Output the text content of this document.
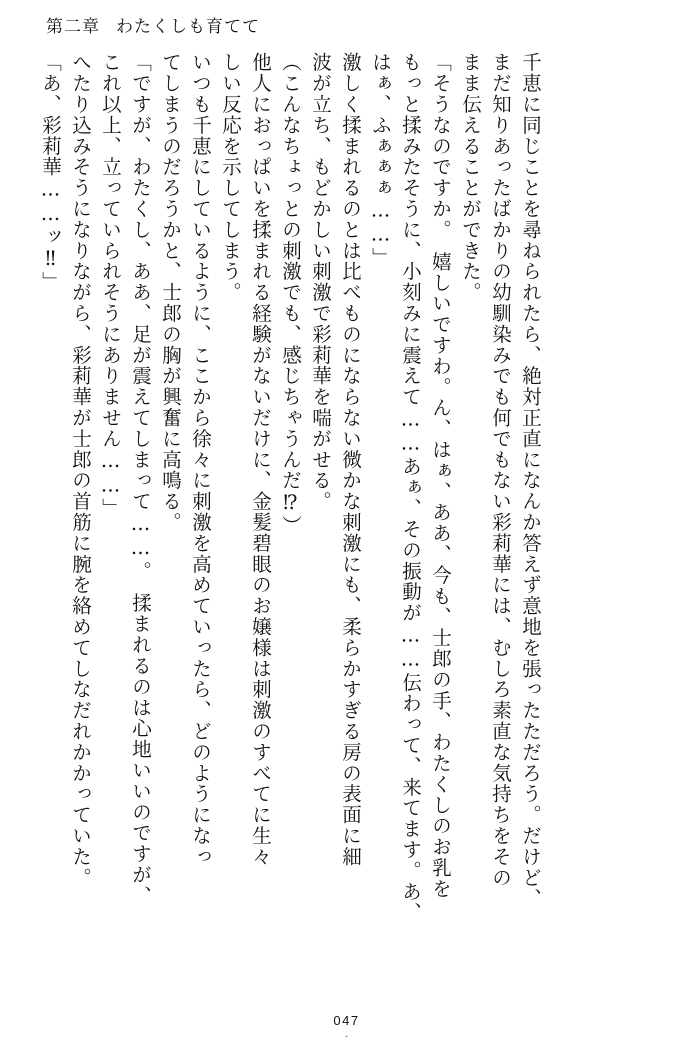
第二章 わたくしも育てて
「あ、彩莉華……ッ‼」 へたり込みそうになりながら、彩莉華が士郎の首筋に腕を絡めてしなだれかかっていた。 これ以上、立っていられそうにありません……」 「ですが、わたくし、ああ、足が震えてしまって……。　揉まれるのは心地いいのですが、 てしまうのだろうかと、士郎の胸が興奮に高鳴る。 いつも千恵にしているように、ここから徐々に刺激を高めていったら、どのようになっ しい反応を示してしまう。 他人におっぱいを揉まれる経験がないだけに、金髪碧眼のお嬢様は刺激のすべてに生々 （こんなちょっとの刺激でも、感じちゃうんだ⁉） 波が立ち、もどかしい刺激で彩莉華を喘がせる。 激しく揉まれるのとは比べものにならない微かな刺激にも、柔らかすぎる房の表面に細 はぁ、ふぁぁぁ……」 もっと揉みたそうに、小刻みに震えて……あぁ、その振動が……伝わって、来てます。あ、 「そうなのですか。　嬉しいですわ。ん、はぁ、ああ、今も、士郎の手、わたくしのお乳を まま伝えることができた。 まだ知りあったばかりの幼馴染みでも何でもない彩莉華には、むしろ素直な気持ちをその 千恵に同じことを尋ねられたら、絶対正直になんか答えず意地を張ったただろう。だけど、
047
-
